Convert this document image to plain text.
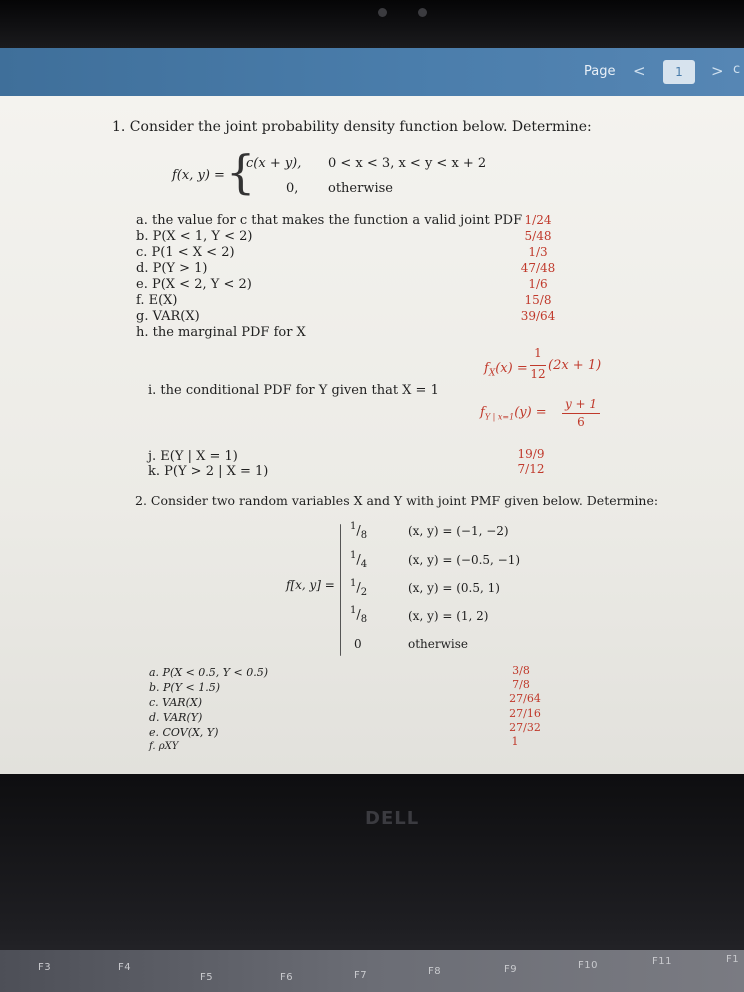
Page <	1	> c
1. Consider the joint probability density function below. Determine:
f(x, y) = {
c(x + y), 0 < x < 3, x < y < x + 2
0, otherwise
a. the value for c that makes the function a valid joint PDF 1/24
b. P(X < 1, Y < 2)	5/48
c. P(1 < X < 2)	1/3
d. P(Y > 1)	47/48
e. P(X < 2, Y < 2)	1/6
f. E(X)	15/8
g. VAR(X)	39/64
h. the marginal PDF for X
$f_X(x)$ =
1
12
(2x + 1)
i. the conditional PDF for Y given that X = 1
$f_{Y | x=1}(y)$ =
y + 1
6
j. E(Y | X = 1)	19/9
k. P(Y > 2 | X = 1)	7/12
2. Consider two random variables X and Y with joint PMF given below. Determine:
f[x, y] =
$^1/_8$	(x, y) = (−1, −2)
$^1/_4$	(x, y) = (−0.5, −1)
$^1/_2$	(x, y) = (0.5, 1)
$^1/_8$	(x, y) = (1, 2)
0	otherwise
a. P(X < 0.5, Y < 0.5)	3/8
b. P(Y < 1.5)	7/8
c. VAR(X)	27/64
d. VAR(Y)	27/16
e. COV(X, Y)	27/32
f. ρXY	1
DELL
F3	F4
F5	F6	F7	F8	F9	F10	F11	F1
